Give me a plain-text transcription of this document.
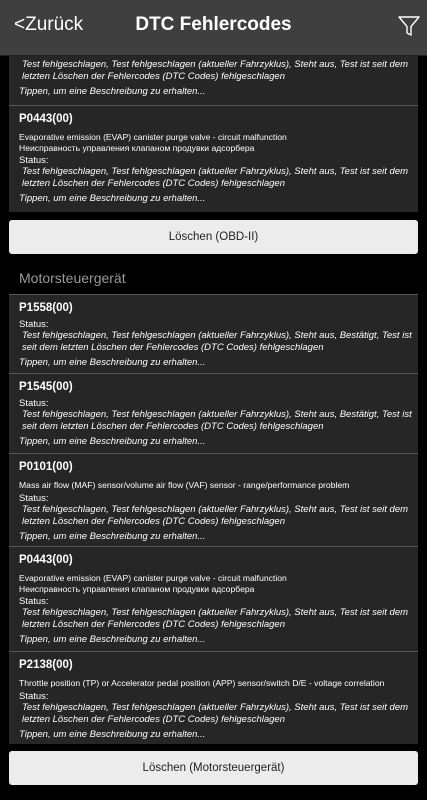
<Zurück	DTC Fehlercodes
Test fehlgeschlagen, Test fehlgeschlagen (aktueller Fahrzyklus), Steht aus, Test ist seit dem letzten Löschen der Fehlercodes (DTC Codes) fehlgeschlagen
Tippen, um eine Beschreibung zu erhalten...
P0443(00)
Evaporative emission (EVAP) canister purge valve - circuit malfunction
Неисправность управления клапаном продувки адсорбера
Status:
Test fehlgeschlagen, Test fehlgeschlagen (aktueller Fahrzyklus), Steht aus, Test ist seit dem letzten Löschen der Fehlercodes (DTC Codes) fehlgeschlagen
Tippen, um eine Beschreibung zu erhalten...
Löschen (OBD-II)
Motorsteuergerät
P1558(00)
Status:
Test fehlgeschlagen, Test fehlgeschlagen (aktueller Fahrzyklus), Steht aus, Bestätigt, Test ist seit dem letzten Löschen der Fehlercodes (DTC Codes) fehlgeschlagen
Tippen, um eine Beschreibung zu erhalten...
P1545(00)
Status:
Test fehlgeschlagen, Test fehlgeschlagen (aktueller Fahrzyklus), Steht aus, Bestätigt, Test ist seit dem letzten Löschen der Fehlercodes (DTC Codes) fehlgeschlagen
Tippen, um eine Beschreibung zu erhalten...
P0101(00)
Mass air flow (MAF) sensor/volume air flow (VAF) sensor - range/performance problem
Status:
Test fehlgeschlagen, Test fehlgeschlagen (aktueller Fahrzyklus), Steht aus, Test ist seit dem letzten Löschen der Fehlercodes (DTC Codes) fehlgeschlagen
Tippen, um eine Beschreibung zu erhalten...
P0443(00)
Evaporative emission (EVAP) canister purge valve - circuit malfunction
Неисправность управления клапаном продувки адсорбера
Status:
Test fehlgeschlagen, Test fehlgeschlagen (aktueller Fahrzyklus), Steht aus, Test ist seit dem letzten Löschen der Fehlercodes (DTC Codes) fehlgeschlagen
Tippen, um eine Beschreibung zu erhalten...
P2138(00)
Throttle position (TP) or Accelerator pedal position (APP) sensor/switch D/E - voltage correlation
Status:
Test fehlgeschlagen, Test fehlgeschlagen (aktueller Fahrzyklus), Steht aus, Test ist seit dem letzten Löschen der Fehlercodes (DTC Codes) fehlgeschlagen
Tippen, um eine Beschreibung zu erhalten...
Löschen (Motorsteuergerät)
